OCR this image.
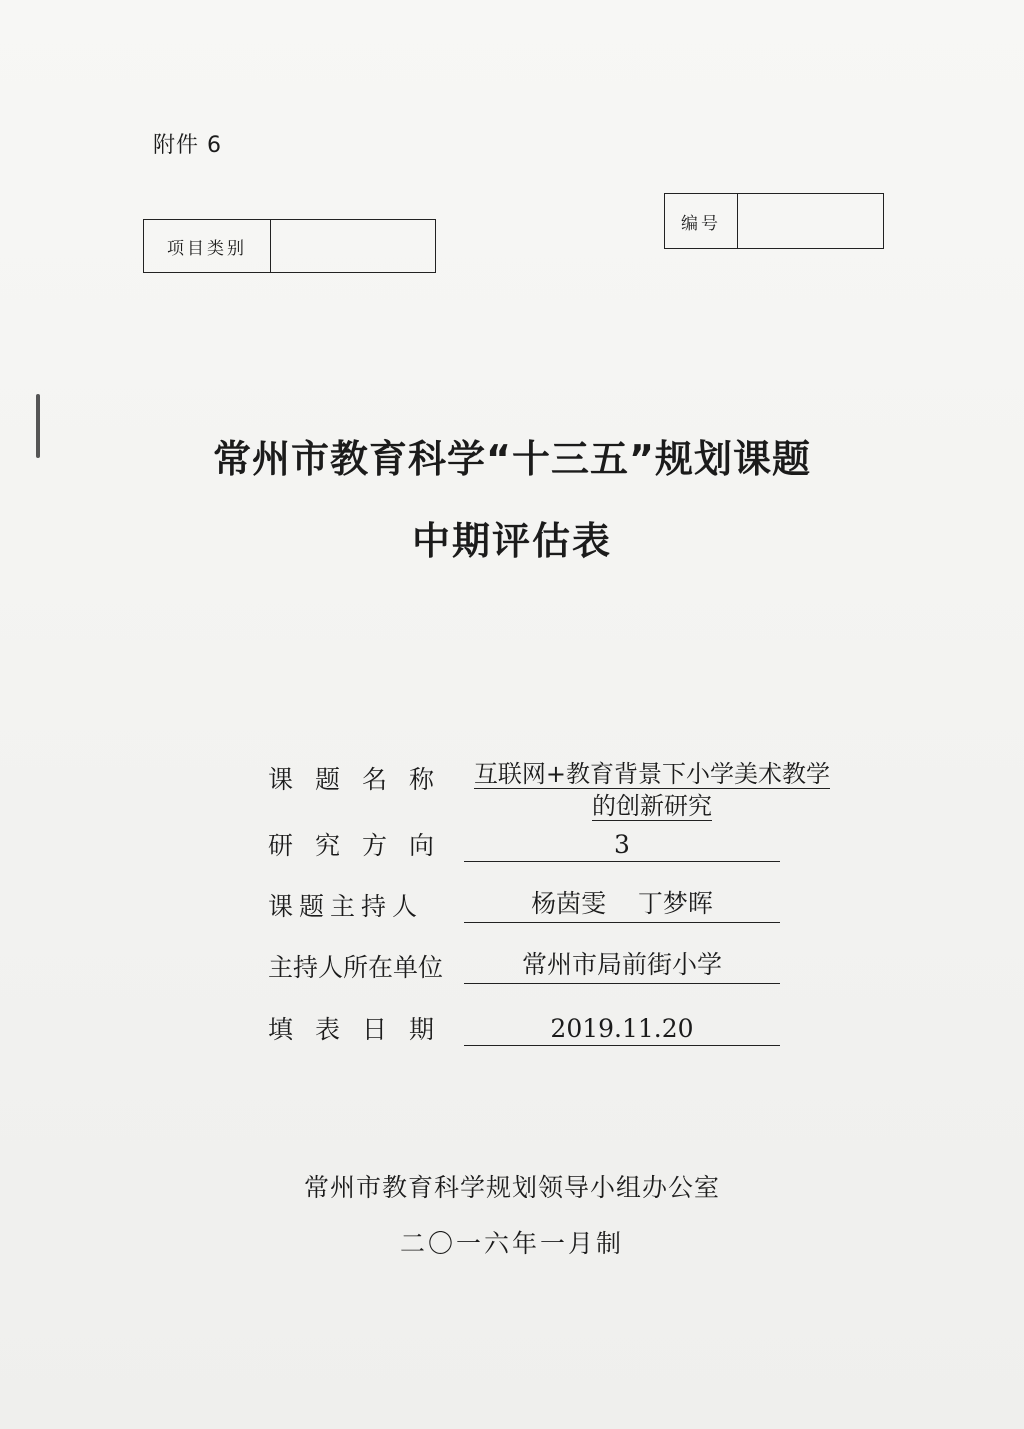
附件 6
项目类别
编号
常州市教育科学“十三五”规划课题
中期评估表
课题名称 互联网+教育背景下小学美术教学
的创新研究
研究方向	3
课题主持人	杨茵雯    丁梦晖
主持人所在单位	常州市局前街小学
填表日期	2019.11.20
常州市教育科学规划领导小组办公室
二〇一六年一月制
